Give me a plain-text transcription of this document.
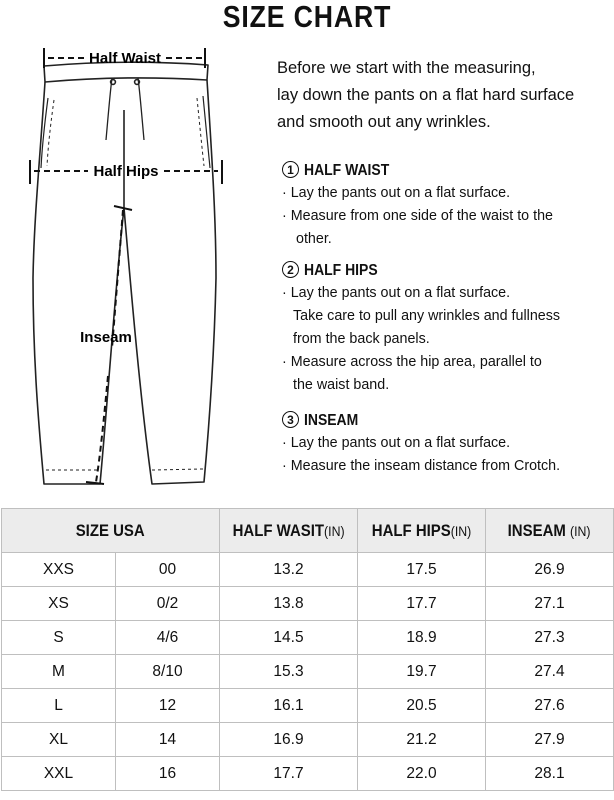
SIZE CHART
Half Waist
Half Hips
Inseam
Before we start with the measuring,
lay down the pants on a flat hard surface
and smooth out any wrinkles.
1 HALF WAIST
· Lay the pants out on a flat surface.
· Measure from one side of the waist to the
other.
2 HALF HIPS
· Lay the pants out on a flat surface.
Take care to pull any wrinkles and fullness
from the back panels.
· Measure across the hip area, parallel to
the waist band.
3 INSEAM
· Lay the pants out on a flat surface.
· Measure the inseam distance from Crotch.
SIZE USA		HALF WASIT(IN)	HALF HIPS(IN)	INSEAM (IN)
XXS	00	13.2	17.5	26.9
XS	0/2	13.8	17.7	27.1
S	4/6	14.5	18.9	27.3
M	8/10	15.3	19.7	27.4
L	12	16.1	20.5	27.6
XL	14	16.9	21.2	27.9
XXL	16	17.7	22.0	28.1
